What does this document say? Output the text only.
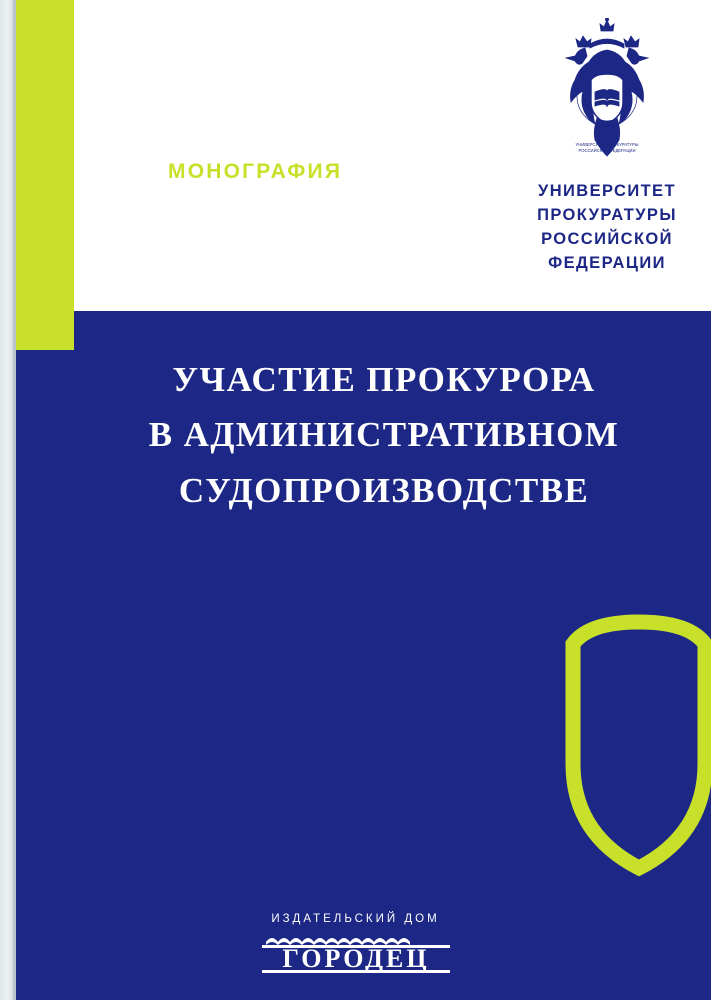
МОНОГРАФИЯ
УНИВЕРСИТЕТ ПРОКУРАТУРЫ
РОССИЙСКОЙ ФЕДЕРАЦИИ
УНИВЕРСИТЕТ
ПРОКУРАТУРЫ
РОССИЙСКОЙ
ФЕДЕРАЦИИ
УЧАСТИЕ ПРОКУРОРА
В АДМИНИСТРАТИВНОМ
СУДОПРОИЗВОДСТВЕ
ИЗДАТЕЛЬСКИЙ ДОМ
ГОРОДЕЦ
